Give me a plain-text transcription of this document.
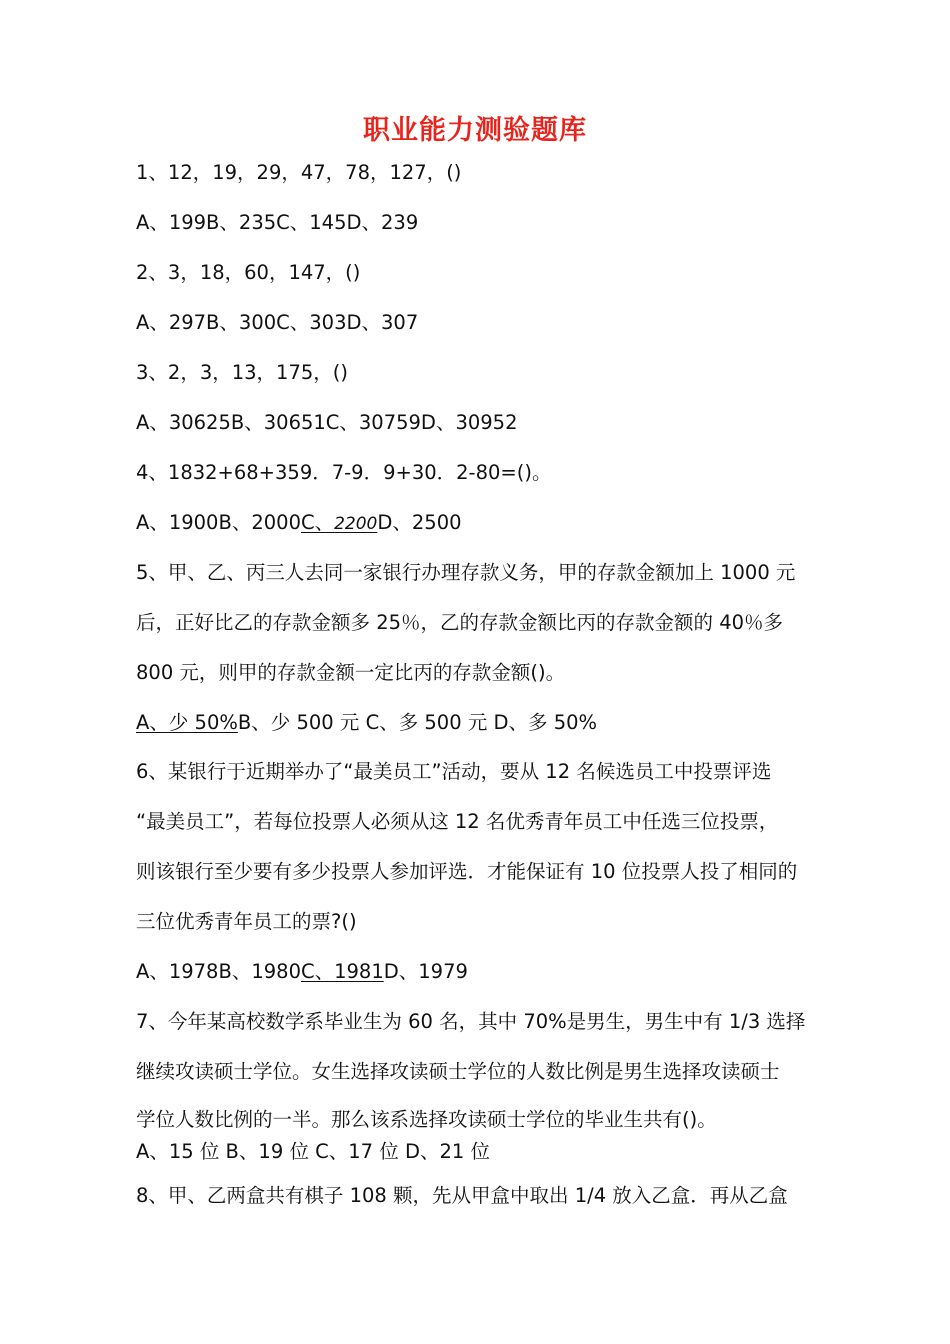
职业能力测验题库
1、12，19，29，47，78，127，()
A、199B、235C、145D、239
2、3，18，60，147，()
A、297B、300C、303D、307
3、2，3，13，175，()
A、30625B、30651C、30759D、30952
4、1832+68+359．7-9．9+30．2-80=()。
A、1900B、2000C、2200D、2500
5、甲、乙、丙三人去同一家银行办理存款义务，甲的存款金额加上 1000 元
后，正好比乙的存款金额多 25％，乙的存款金额比丙的存款金额的 40％多
800 元，则甲的存款金额一定比丙的存款金额()。
A、少 50%B、少 500 元 C、多 500 元 D、多 50%
6、某银行于近期举办了“最美员工”活动，要从 12 名候选员工中投票评选
“最美员工”，若每位投票人必须从这 12 名优秀青年员工中任选三位投票，
则该银行至少要有多少投票人参加评选．才能保证有 10 位投票人投了相同的
三位优秀青年员工的票?()
A、1978B、1980C、1981D、1979
7、今年某高校数学系毕业生为 60 名，其中 70%是男生，男生中有 1/3 选择
继续攻读硕士学位。女生选择攻读硕士学位的人数比例是男生选择攻读硕士
学位人数比例的一半。那么该系选择攻读硕士学位的毕业生共有()。
A、15 位 B、19 位 C、17 位 D、21 位
8、甲、乙两盒共有棋子 108 颗，先从甲盒中取出 1/4 放入乙盒．再从乙盒
